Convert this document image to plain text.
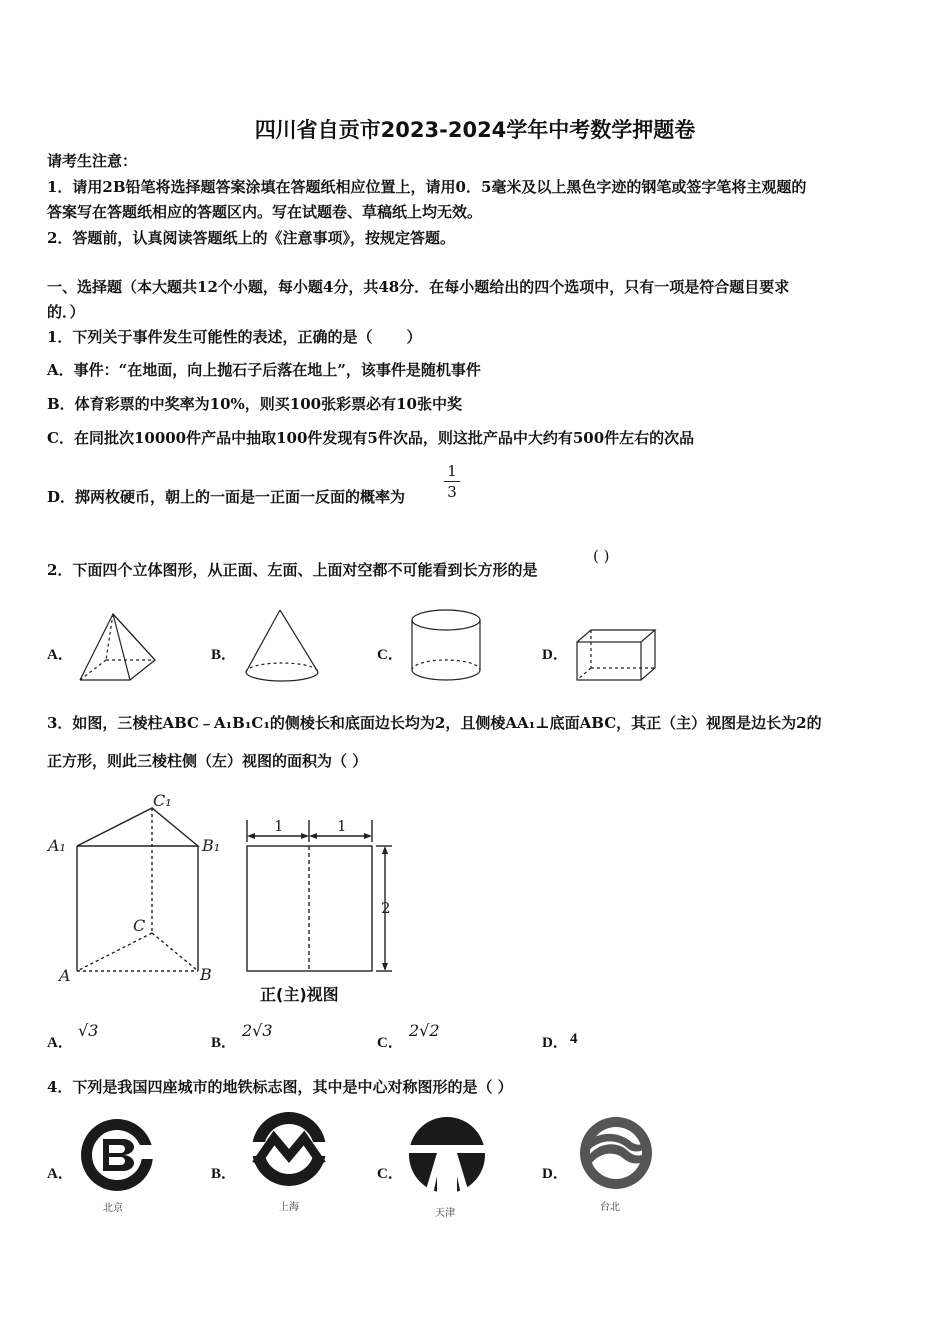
四川省自贡市2023-2024学年中考数学押题卷
请考生注意：
1．请用2B铅笔将选择题答案涂填在答题纸相应位置上，请用0．5毫米及以上黑色字迹的钢笔或签字笔将主观题的
答案写在答题纸相应的答题区内。写在试题卷、草稿纸上均无效。
2．答题前，认真阅读答题纸上的《注意事项》，按规定答题。
一、选择题（本大题共12个小题，每小题4分，共48分．在每小题给出的四个选项中，只有一项是符合题目要求
的．）
1．下列关于事件发生可能性的表述，正确的是（ ）
A．事件：“在地面，向上抛石子后落在地上”，该事件是随机事件
B．体育彩票的中奖率为10%，则买100张彩票必有10张中奖
C．在同批次10000件产品中抽取100件发现有5件次品，则这批产品中大约有500件左右的次品
D．掷两枚硬币，朝上的一面是一正面一反面的概率为
1
3
2．下面四个立体图形，从正面、左面、上面对空都不可能看到长方形的是
( )
A．	B．	C．	D．
3．如图，三棱柱ABC﹣A₁B₁C₁的侧棱长和底面边长均为2，且侧棱AA₁⊥底面ABC，其正（主）视图是边长为2的
正方形，则此三棱柱侧（左）视图的面积为（ ）
C₁
A₁	B₁
C
A	B
1	1
2
正(主)视图
A．
√3
B．
2√3
C．
2√2
D． 4
4．下列是我国四座城市的地铁标志图，其中是中心对称图形的是（ ）
A．
北京
B．
上海
C．
天津
D．
台北
